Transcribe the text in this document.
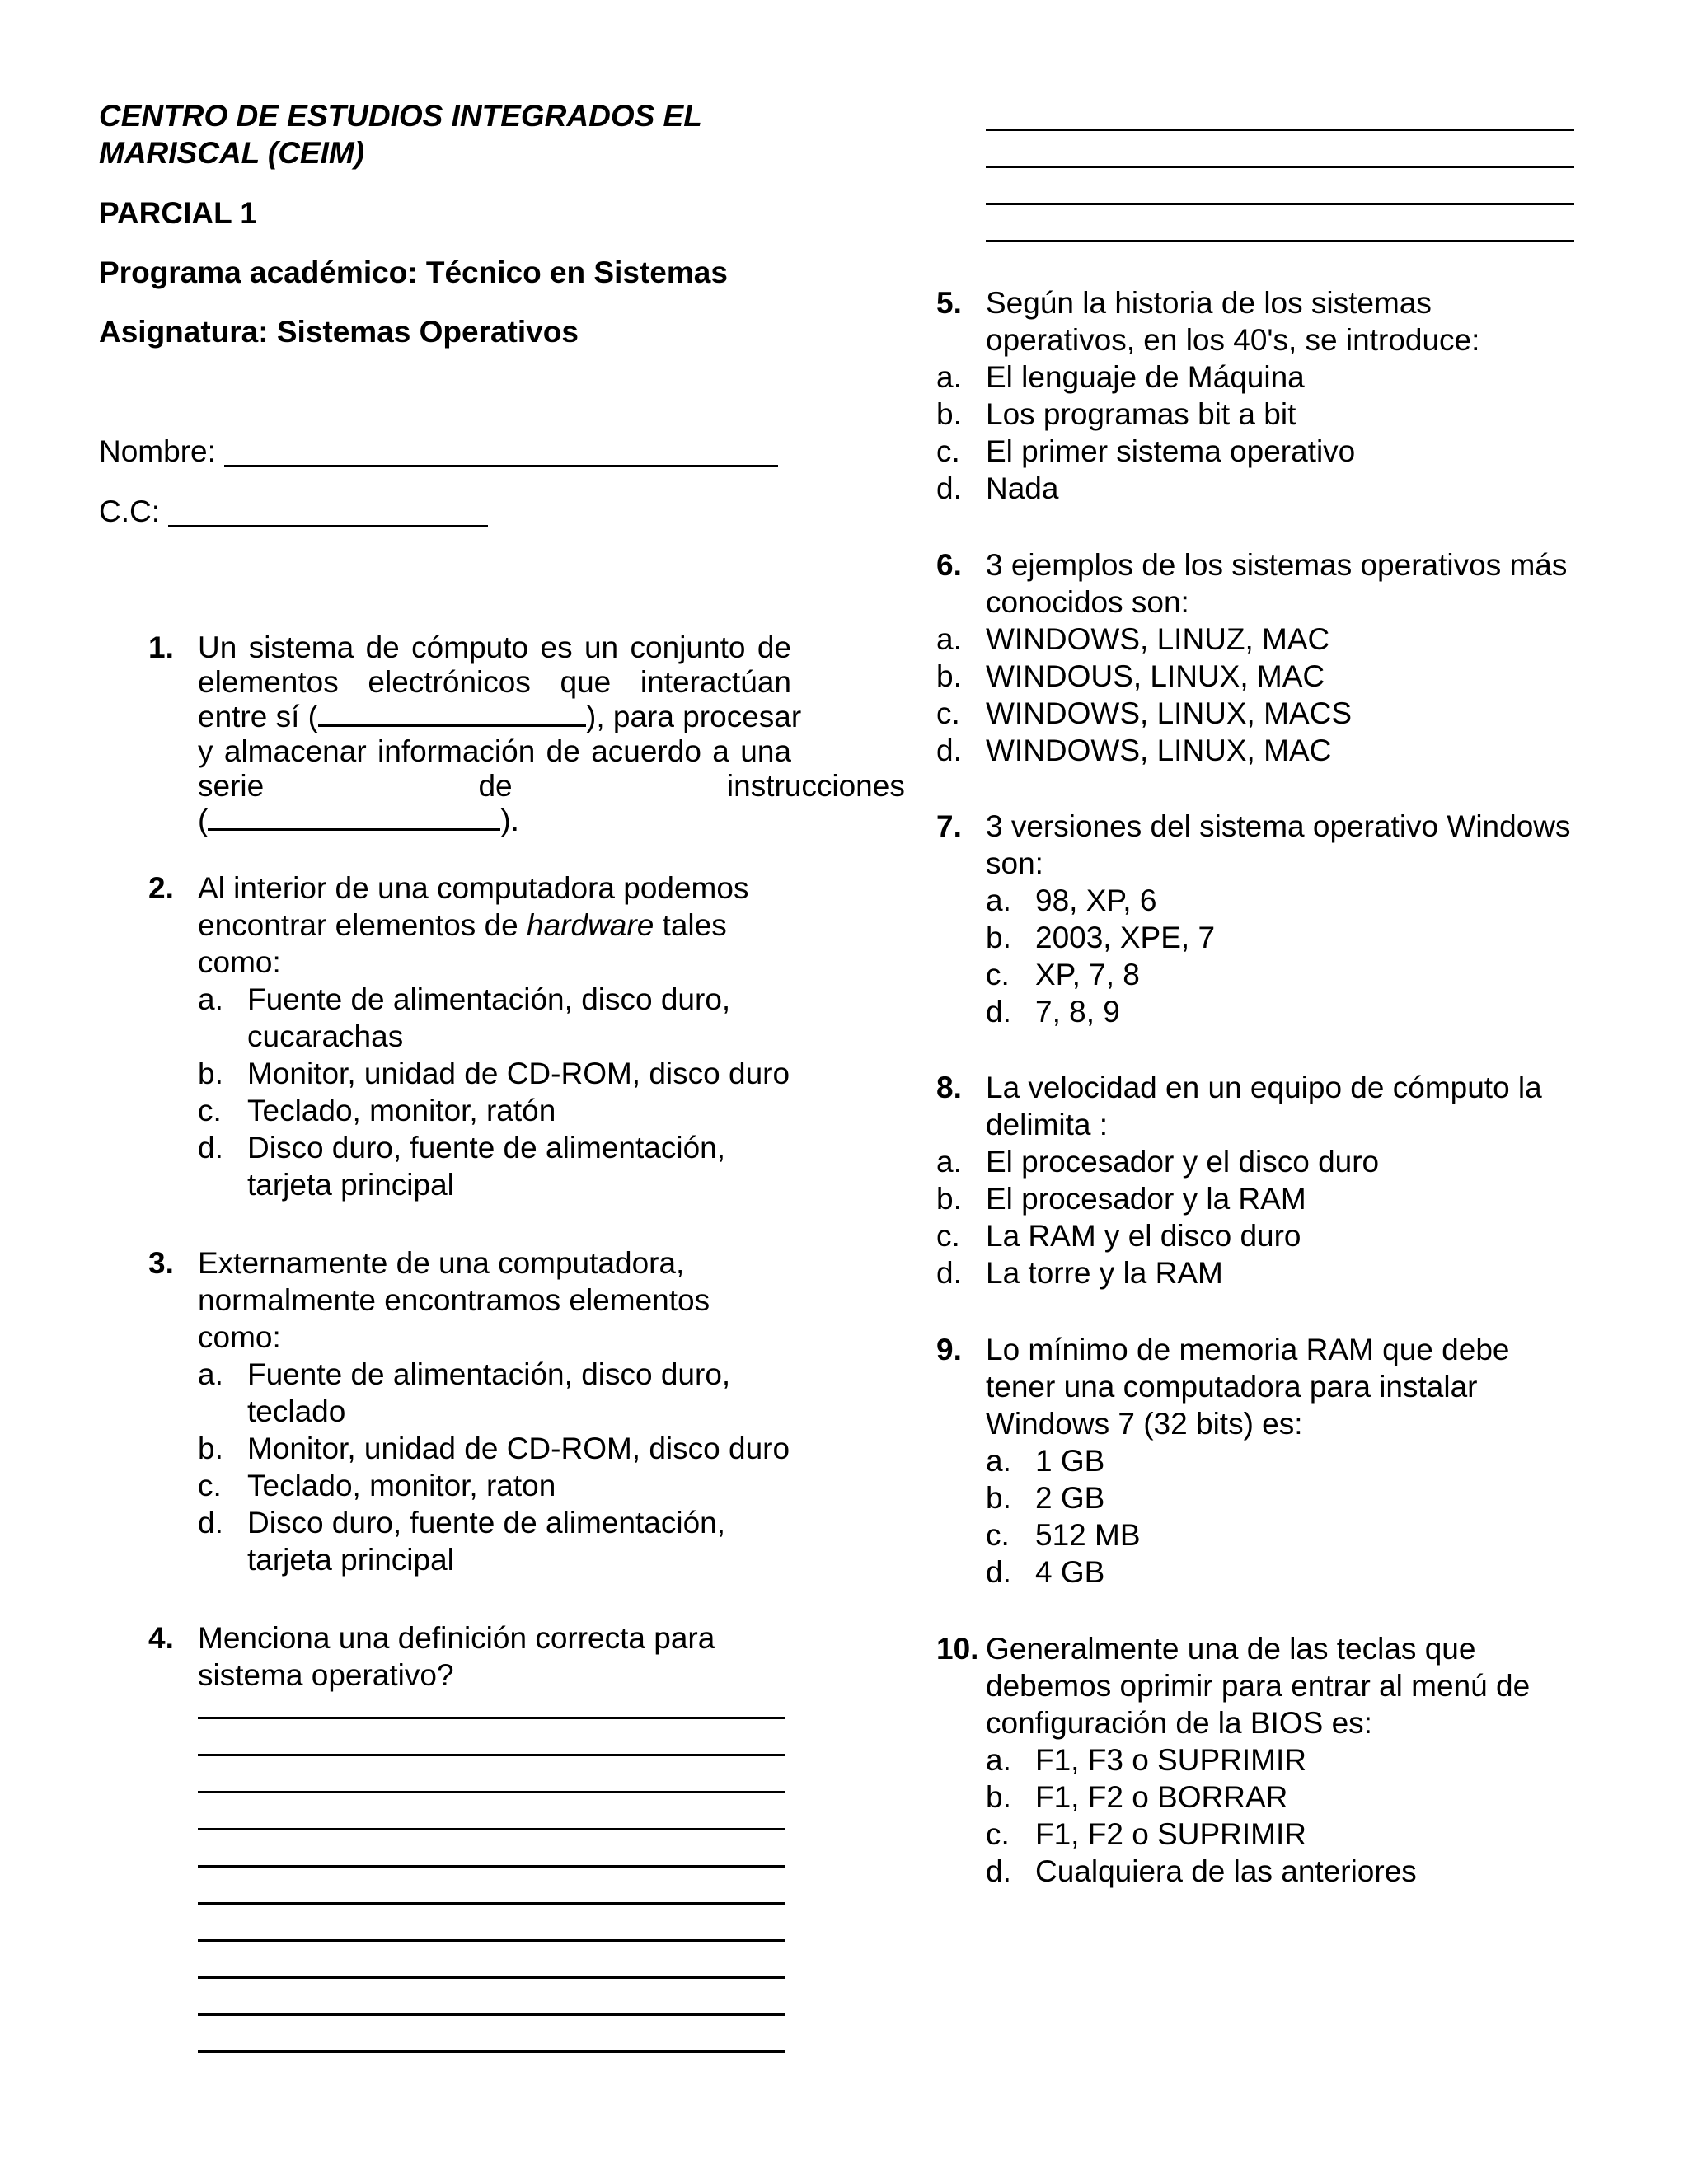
CENTRO DE ESTUDIOS INTEGRADOS EL
MARISCAL (CEIM)
PARCIAL 1
Programa académico: Técnico en Sistemas
Asignatura: Sistemas Operativos
Nombre:
C.C:
1. Un sistema de cómputo es un conjunto de
elementos electrónicos que interactúan
entre sí (	), para procesar
y almacenar información de acuerdo a una
serie de instrucciones
(	).
2. Al interior de una computadora podemos
encontrar elementos de hardware tales
como:
a. Fuente de alimentación, disco duro,
cucarachas
b. Monitor, unidad de CD-ROM, disco duro
c. Teclado, monitor, ratón
d. Disco duro, fuente de alimentación,
tarjeta principal
3. Externamente de una computadora,
normalmente encontramos elementos
como:
a. Fuente de alimentación, disco duro,
teclado
b. Monitor, unidad de CD-ROM, disco duro
c. Teclado, monitor, raton
d. Disco duro, fuente de alimentación,
tarjeta principal
4. Menciona una definición correcta para
sistema operativo?
5. Según la historia de los sistemas
operativos, en los 40's, se introduce:
a. El lenguaje de Máquina
b. Los programas bit a bit
c. El primer sistema operativo
d. Nada
6. 3 ejemplos de los sistemas operativos más
conocidos son:
a. WINDOWS, LINUZ, MAC
b. WINDOUS, LINUX, MAC
c. WINDOWS, LINUX, MACS
d. WINDOWS, LINUX, MAC
7. 3 versiones del sistema operativo Windows
son:
a. 98, XP, 6
b. 2003, XPE, 7
c. XP, 7, 8
d. 7, 8, 9
8. La velocidad en un equipo de cómputo la
delimita :
a. El procesador y el disco duro
b. El procesador y la RAM
c. La RAM y el disco duro
d. La torre y la RAM
9. Lo mínimo de memoria RAM que debe
tener una computadora para instalar
Windows 7 (32 bits) es:
a. 1 GB
b. 2 GB
c. 512 MB
d. 4 GB
10. Generalmente una de las teclas que
debemos oprimir para entrar al menú de
configuración de la BIOS es:
a. F1, F3 o SUPRIMIR
b. F1, F2 o BORRAR
c. F1, F2 o SUPRIMIR
d. Cualquiera de las anteriores
